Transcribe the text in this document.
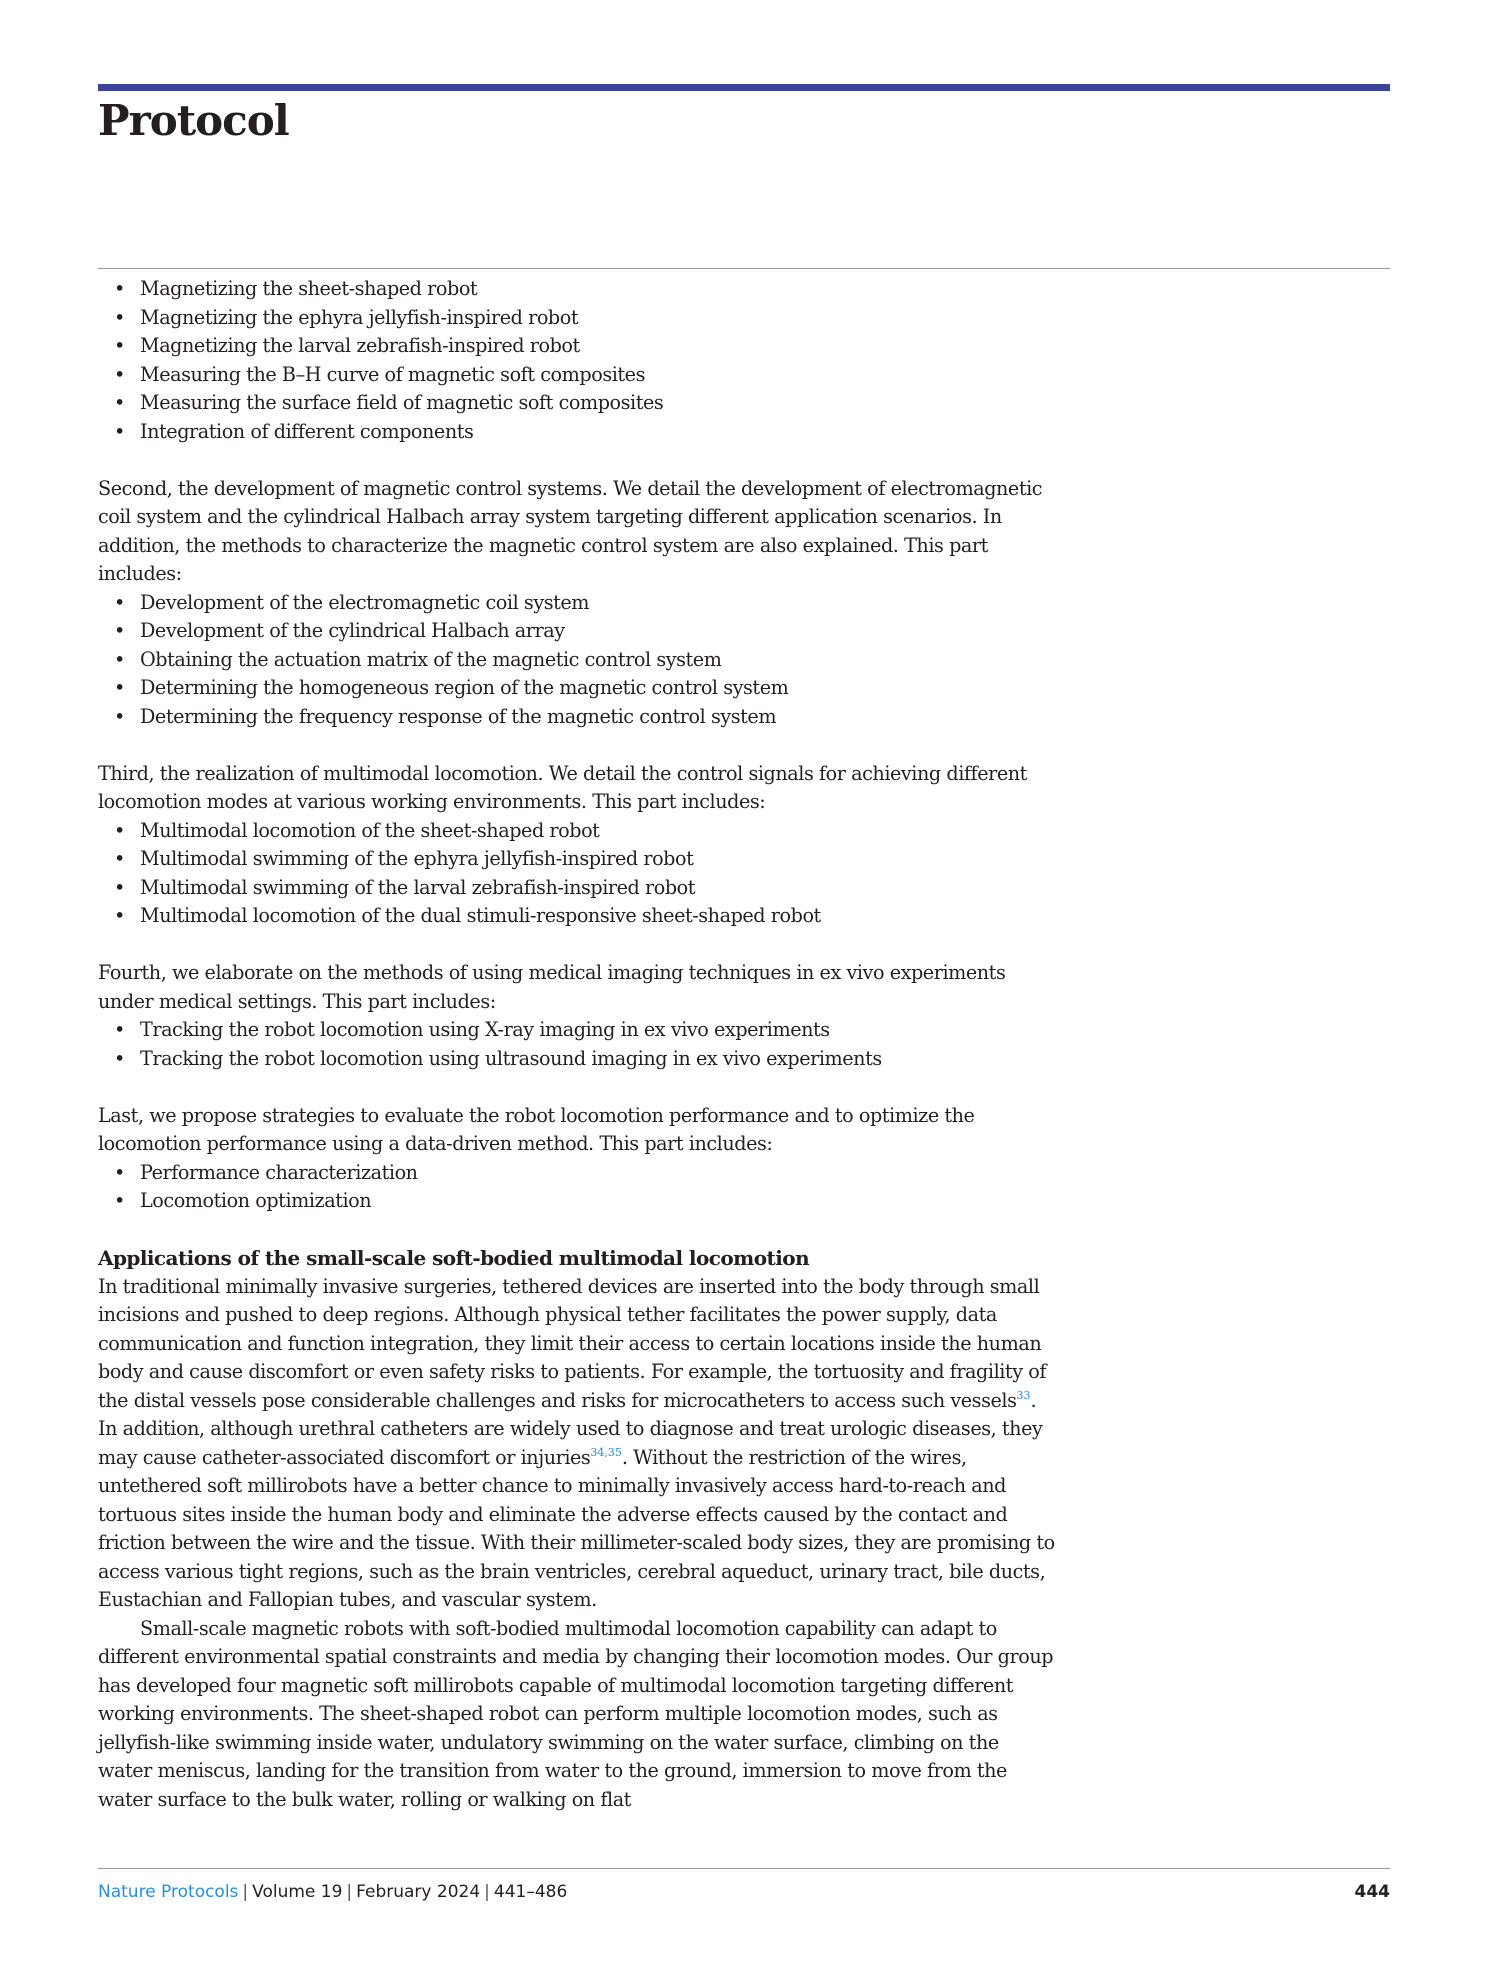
Protocol
• Magnetizing the sheet-shaped robot
• Magnetizing the ephyra jellyfish-inspired robot
• Magnetizing the larval zebrafish-inspired robot
• Measuring the B–H curve of magnetic soft composites
• Measuring the surface field of magnetic soft composites
• Integration of different components

Second, the development of magnetic control systems. We detail the development of electromagnetic coil system and the cylindrical Halbach array system targeting different application scenarios. In addition, the methods to characterize the magnetic control system are also explained. This part includes:

• Development of the electromagnetic coil system
• Development of the cylindrical Halbach array
• Obtaining the actuation matrix of the magnetic control system
• Determining the homogeneous region of the magnetic control system
• Determining the frequency response of the magnetic control system

Third, the realization of multimodal locomotion. We detail the control signals for achieving different locomotion modes at various working environments. This part includes:

• Multimodal locomotion of the sheet-shaped robot
• Multimodal swimming of the ephyra jellyfish-inspired robot
• Multimodal swimming of the larval zebrafish-inspired robot
• Multimodal locomotion of the dual stimuli-responsive sheet-shaped robot

Fourth, we elaborate on the methods of using medical imaging techniques in ex vivo experiments under medical settings. This part includes:

• Tracking the robot locomotion using X-ray imaging in ex vivo experiments
• Tracking the robot locomotion using ultrasound imaging in ex vivo experiments

Last, we propose strategies to evaluate the robot locomotion performance and to optimize the locomotion performance using a data-driven method. This part includes:

• Performance characterization
• Locomotion optimization
Applications of the small-scale soft-bodied multimodal locomotion

In traditional minimally invasive surgeries, tethered devices are inserted into the body through small incisions and pushed to deep regions. Although physical tether facilitates the power supply, data communication and function integration, they limit their access to certain locations inside the human body and cause discomfort or even safety risks to patients. For example, the tortuosity and fragility of the distal vessels pose considerable challenges and risks for microcatheters to access such vessels$^{33}$. In addition, although urethral catheters are widely used to diagnose and treat urologic diseases, they may cause catheter-associated discomfort or injuries$^{34,35}$. Without the restriction of the wires, untethered soft millirobots have a better chance to minimally invasively access hard-to-reach and tortuous sites inside the human body and eliminate the adverse effects caused by the contact and friction between the wire and the tissue. With their millimeter-scaled body sizes, they are promising to access various tight regions, such as the brain ventricles, cerebral aqueduct, urinary tract, bile ducts, Eustachian and Fallopian tubes, and vascular system.

Small-scale magnetic robots with soft-bodied multimodal locomotion capability can adapt to different environmental spatial constraints and media by changing their locomotion modes. Our group has developed four magnetic soft millirobots capable of multimodal locomotion targeting different working environments. The sheet-shaped robot can perform multiple locomotion modes, such as jellyfish-like swimming inside water, undulatory swimming on the water surface, climbing on the water meniscus, landing for the transition from water to the ground, immersion to move from the water surface to the bulk water, rolling or walking on flat

Nature Protocols | Volume 19 | February 2024 | 441–486	444
